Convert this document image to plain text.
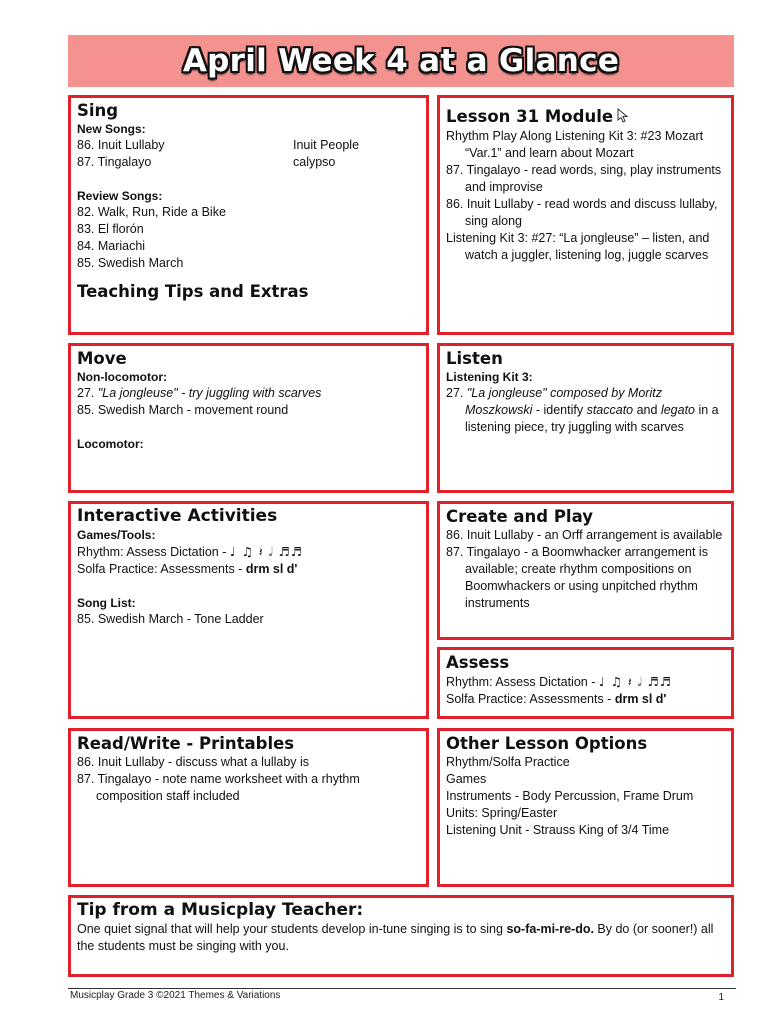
April Week 4 at a Glance
Sing
New Songs:
86. Inuit Lullaby	Inuit People
87. Tingalayo	calypso
Review Songs:
82. Walk, Run, Ride a Bike
83. El florón
84. Mariachi
85. Swedish March
Teaching Tips and Extras
Lesson 31 Module
Rhythm Play Along Listening Kit 3: #23 Mozart “Var.1” and learn about Mozart
87. Tingalayo - read words, sing, play instruments and improvise
86. Inuit Lullaby - read words and discuss lullaby, sing along
Listening Kit 3: #27: “La jongleuse” – listen, and watch a juggler, listening log, juggle scarves
Move
Non-locomotor:
27. "La jongleuse" - try juggling with scarves
85. Swedish March - movement round
Locomotor:
Listen
Listening Kit 3:
27. "La jongleuse" composed by Moritz Moszkowski - identify staccato and legato in a listening piece, try juggling with scarves
Interactive Activities
Games/Tools:
Rhythm: Assess Dictation - ♩ ♫ 𝄽 𝅗𝅥 ♬♬
Solfa Practice: Assessments - drm sl d'
Song List:
85. Swedish March - Tone Ladder
Create and Play
86. Inuit Lullaby - an Orff arrangement is available
87. Tingalayo - a Boomwhacker arrangement is available; create rhythm compositions on Boomwhackers or using unpitched rhythm instruments
Assess
Rhythm: Assess Dictation - ♩ ♫ 𝄽 𝅗𝅥 ♬♬
Solfa Practice: Assessments - drm sl d'
Read/Write - Printables
86. Inuit Lullaby - discuss what a lullaby is
87. Tingalayo - note name worksheet with a rhythm composition staff included
Other Lesson Options
Rhythm/Solfa Practice
Games
Instruments - Body Percussion, Frame Drum
Units: Spring/Easter
Listening Unit - Strauss King of 3/4 Time
Tip from a Musicplay Teacher:
One quiet signal that will help your students develop in-tune singing is to sing so-fa-mi-re-do. By do (or sooner!) all the students must be singing with you.
Musicplay Grade 3 ©2021 Themes & Variations	1
